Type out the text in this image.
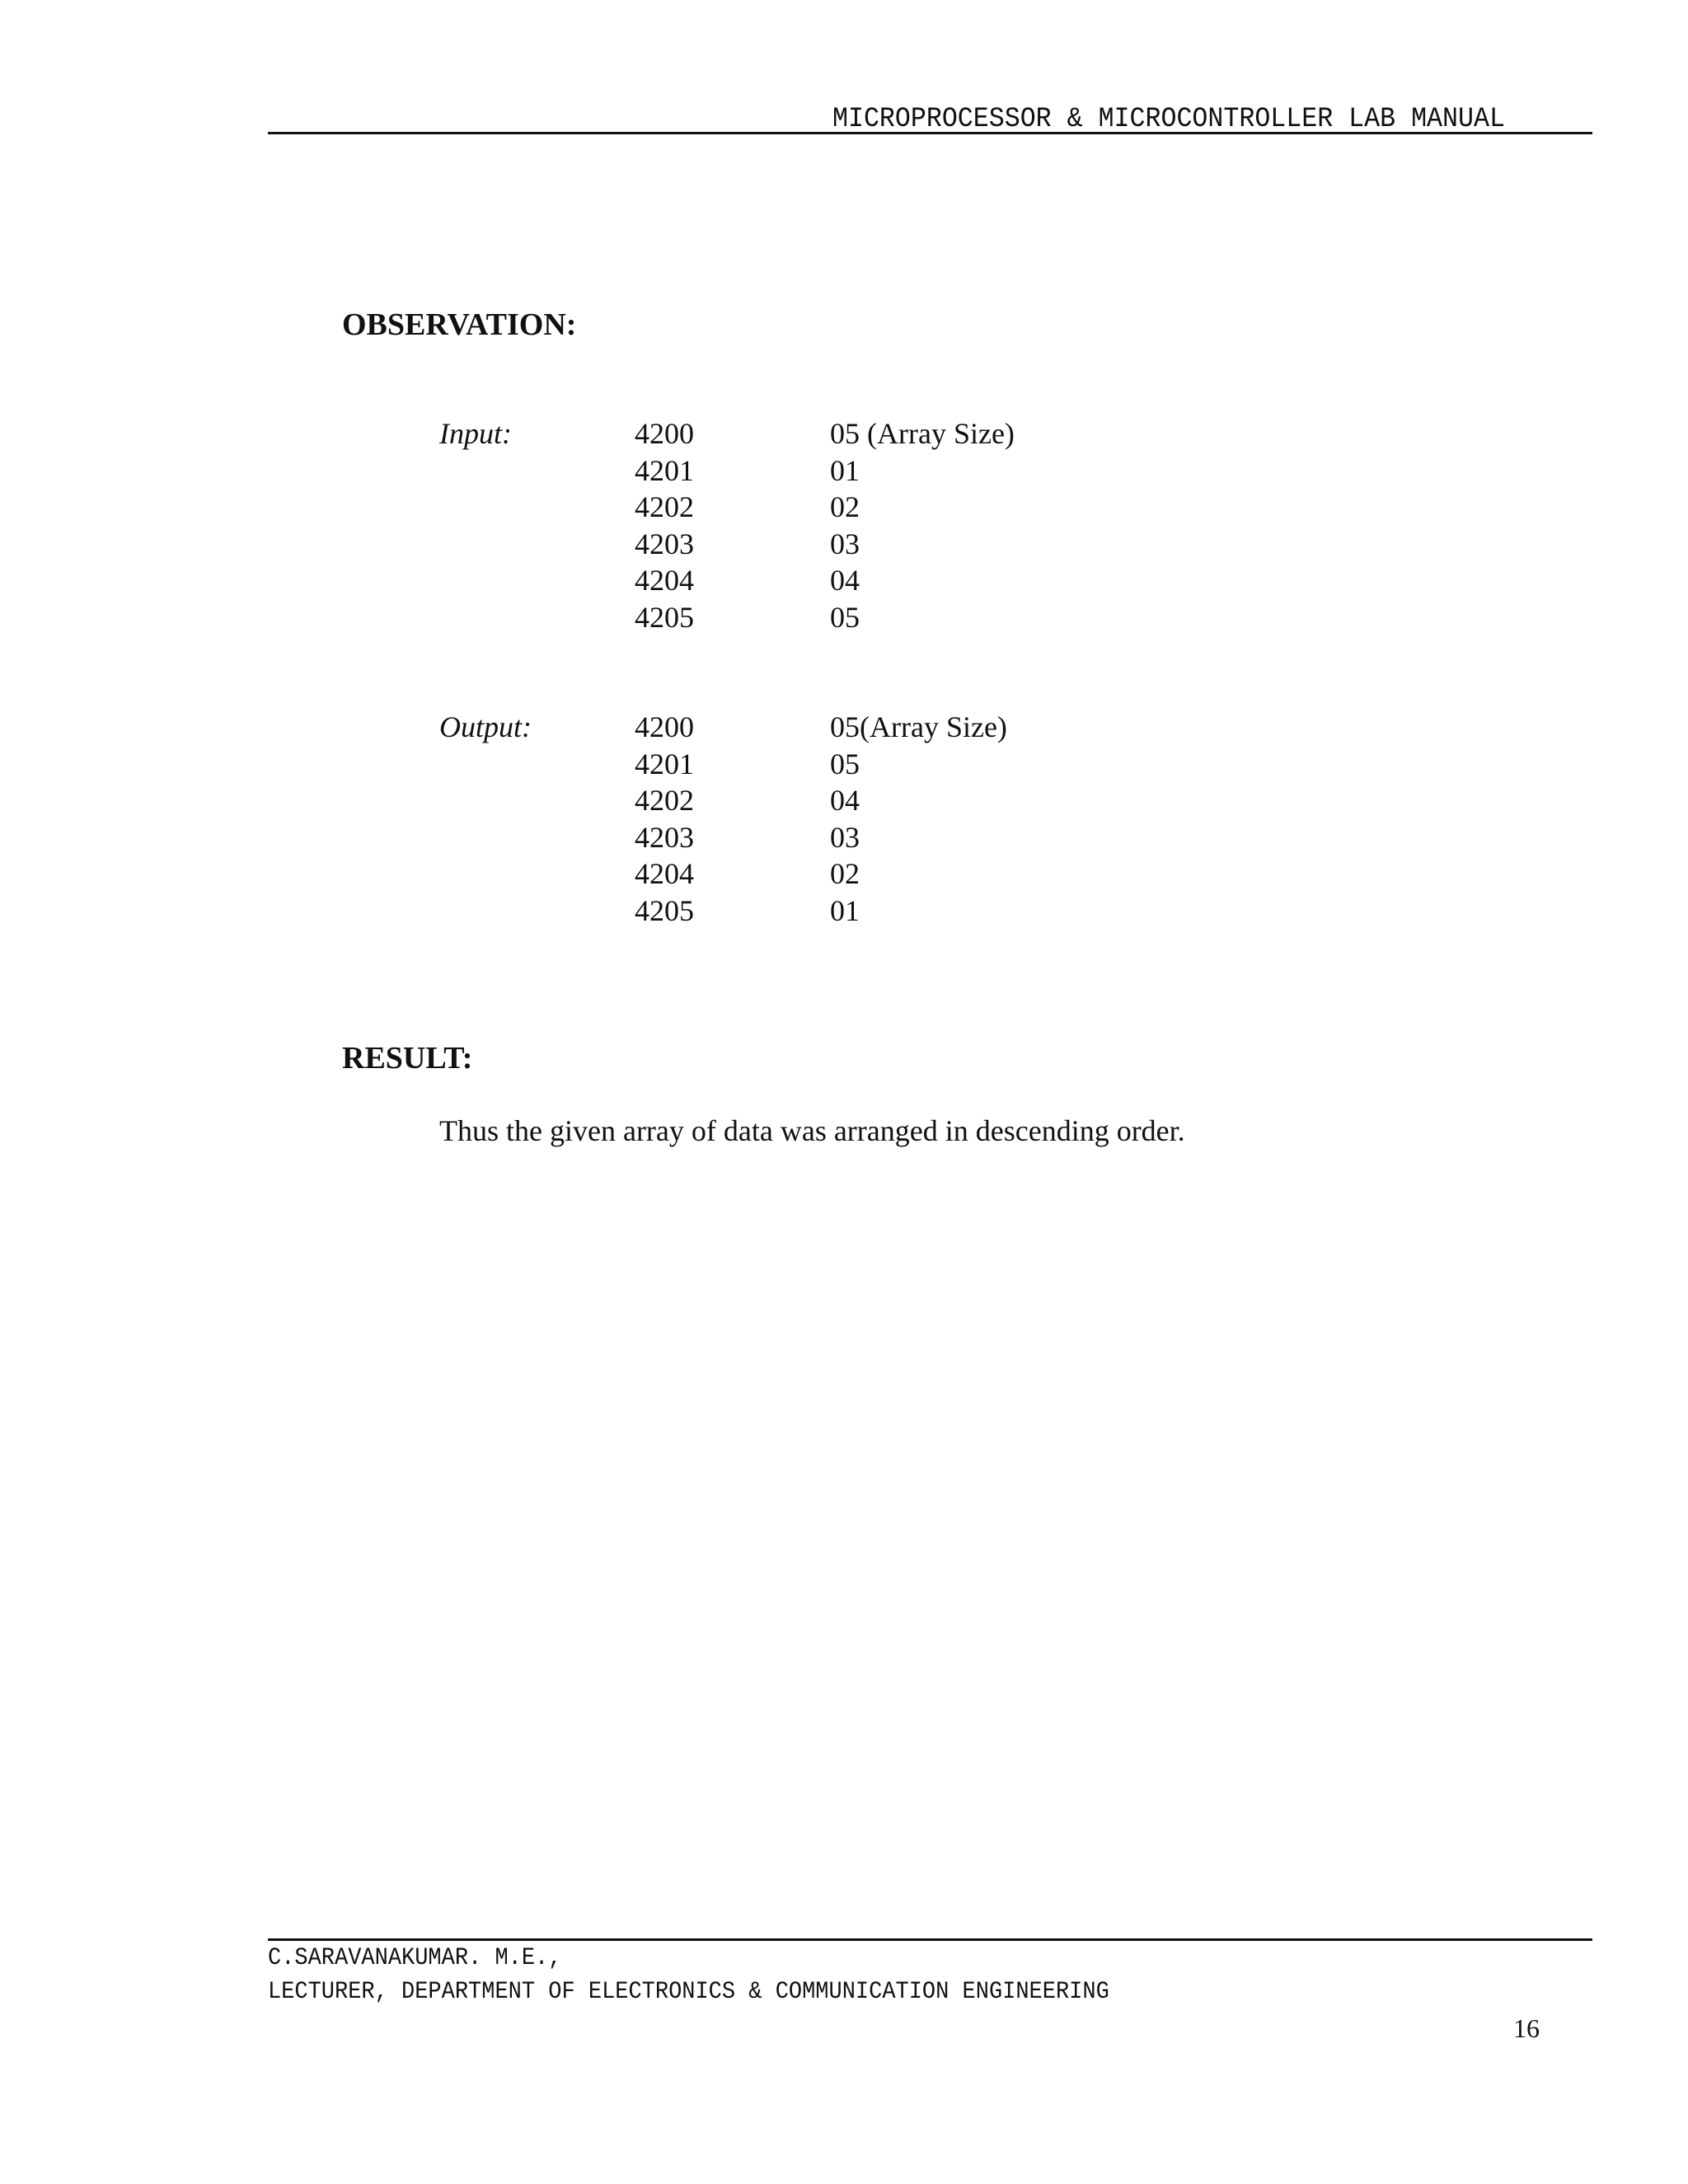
MICROPROCESSOR & MICROCONTROLLER LAB MANUAL
OBSERVATION:
Input:	4200	05 (Array Size)
4201	01
4202	02
4203	03
4204	04
4205	05
Output:	4200	05(Array Size)
4201	05
4202	04
4203	03
4204	02
4205	01
RESULT:
Thus the given array of data was arranged in descending order.
C.SARAVANAKUMAR. M.E.,
LECTURER, DEPARTMENT OF ELECTRONICS & COMMUNICATION ENGINEERING
16
